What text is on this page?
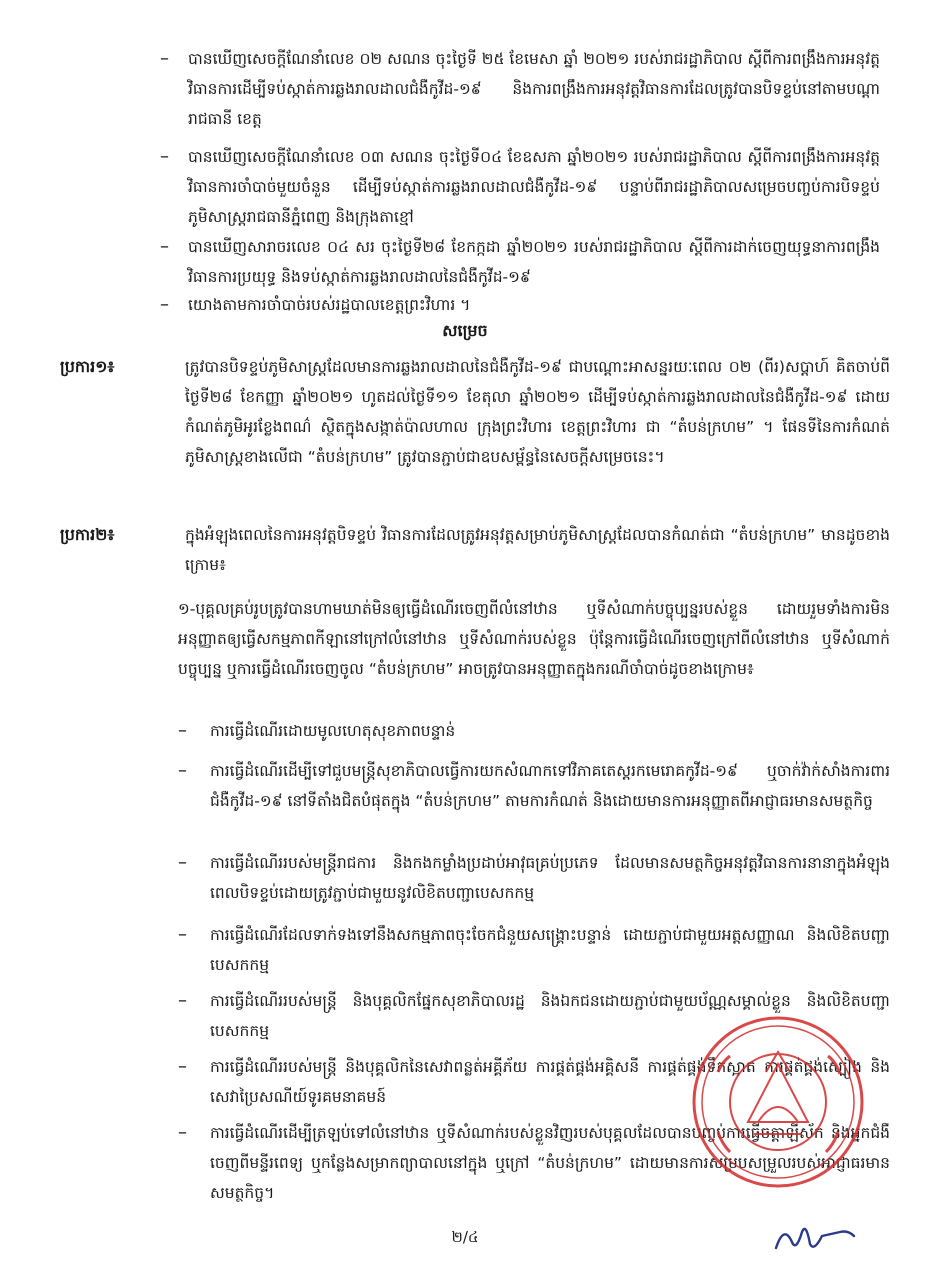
– បានឃើញសេចក្តីណែនាំលេខ ០២ សណន ចុះថ្ងៃទី ២៥ ខែមេសា ឆ្នាំ ២០២១ របស់រាជរដ្ឋាភិបាល ស្តីពីការពង្រឹងការអនុវត្តវិធានការដើម្បីទប់ស្កាត់ការឆ្លងរាលដាលជំងឺកូវីដ-១៩ និងការពង្រឹងការអនុវត្តវិធានការដែលត្រូវបានបិទខ្ទប់នៅតាមបណ្តារាជធានី ខេត្ត
– បានឃើញសេចក្តីណែនាំលេខ ០៣ សណន ចុះថ្ងៃទី០៤ ខែឧសភា ឆ្នាំ២០២១ របស់រាជរដ្ឋាភិបាល ស្តីពីការពង្រឹងការអនុវត្តវិធានការចាំបាច់មួយចំនួន ដើម្បីទប់ស្កាត់ការឆ្លងរាលដាលជំងឺកូវីដ-១៩ បន្ទាប់ពីរាជរដ្ឋាភិបាលសម្រេចបញ្ចប់ការបិទខ្ទប់ភូមិសាស្ត្ររាជធានីភ្នំពេញ និងក្រុងតាខ្មៅ
– បានឃើញសារាចរលេខ ០៤ សរ ចុះថ្ងៃទី២៨ ខែកក្កដា ឆ្នាំ២០២១ របស់រាជរដ្ឋាភិបាល ស្តីពីការដាក់ចេញយុទ្ធនាការពង្រឹងវិធានការប្រយុទ្ធ និងទប់ស្កាត់ការឆ្លងរាលដាលនៃជំងឺកូវីដ-១៩
– យោងតាមការចាំបាច់របស់រដ្ឋបាលខេត្តព្រះវិហារ ។
សម្រេច
ប្រការ១៖	ត្រូវបានបិទខ្ទប់ភូមិសាស្ត្រដែលមានការឆ្លងរាលដាលនៃជំងឺកូវីដ-១៩ ជាបណ្តោះអាសន្នរយៈពេល ០២ (ពីរ)សប្តាហ៍ គិតចាប់ពីថ្ងៃទី២៨ ខែកញ្ញា ឆ្នាំ២០២១ ហូតដល់ថ្ងៃទី១១ ខែតុលា ឆ្នាំ២០២១ ដើម្បីទប់ស្កាត់ការឆ្លងរាលដាលនៃជំងឺកូវីដ-១៩ ដោយកំណត់ភូមិអូរខ្លែងពណ៌ ស្ថិតក្នុងសង្កាត់ប៉ាលហាល ក្រុងព្រះវិហារ ខេត្តព្រះវិហារ ជា “តំបន់ក្រហម” ។ ផែនទីនៃការកំណត់ភូមិសាស្ត្រខាងលើជា “តំបន់ក្រហម” ត្រូវបានភ្ជាប់ជាឧបសម្ព័ន្ធនៃសេចក្តីសម្រេចនេះ។
ប្រការ២៖	ក្នុងអំឡុងពេលនៃការអនុវត្តបិទខ្ទប់ វិធានការដែលត្រូវអនុវត្តសម្រាប់ភូមិសាស្ត្រដែលបានកំណត់ជា “តំបន់ក្រហម” មានដូចខាងក្រោម៖
១-បុគ្គលគ្រប់រូបត្រូវបានហាមឃាត់មិនឲ្យធ្វើដំណើរចេញពីលំនៅឋាន ឬទីសំណាក់បច្ចុប្បន្នរបស់ខ្លួន ដោយរួមទាំងការមិនអនុញ្ញាតឲ្យធ្វើសកម្មភាពកីឡានៅក្រៅលំនៅឋាន ឬទីសំណាក់របស់ខ្លួន ប៉ុន្តែការធ្វើដំណើរចេញក្រៅពីលំនៅឋាន ឬទីសំណាក់បច្ចុប្បន្ន ឬការធ្វើដំណើរចេញចូល “តំបន់ក្រហម” អាចត្រូវបានអនុញ្ញាតក្នុងករណីចាំបាច់ដូចខាងក្រោម៖
– ការធ្វើដំណើរដោយមូលហេតុសុខភាពបន្ទាន់
– ការធ្វើដំណើរដើម្បីទៅជួបមន្ត្រីសុខាភិបាលធ្វើការយកសំណាកទៅវិភាគតេស្តរកមេរោគកូវីដ-១៩ ឬចាក់វ៉ាក់សាំងការពារជំងឺកូវីដ-១៩ នៅទីតាំងជិតបំផុតក្នុង “តំបន់ក្រហម” តាមការកំណត់ និងដោយមានការអនុញ្ញាតពីអាជ្ញាធរមានសមត្ថកិច្ច
– ការធ្វើដំណើររបស់មន្ត្រីរាជការ និងកងកម្លាំងប្រដាប់អាវុធគ្រប់ប្រភេទ ដែលមានសមត្ថកិច្ចអនុវត្តវិធានការនានាក្នុងអំឡុងពេលបិទខ្ទប់ដោយត្រូវភ្ជាប់ជាមួយនូវលិខិតបញ្ជាបេសកកម្ម
– ការធ្វើដំណើរដែលទាក់ទងទៅនឹងសកម្មភាពចុះចែកជំនួយសង្គ្រោះបន្ទាន់ ដោយភ្ជាប់ជាមួយអត្តសញ្ញាណ និងលិខិតបញ្ជាបេសកកម្ម
– ការធ្វើដំណើររបស់មន្ត្រី និងបុគ្គលិកផ្នែកសុខាភិបាលរដ្ឋ និងឯកជនដោយភ្ជាប់ជាមួយប័ណ្ណសម្គាល់ខ្លួន និងលិខិតបញ្ជាបេសកកម្ម
– ការធ្វើដំណើររបស់មន្ត្រី និងបុគ្គលិកនៃសេវាពន្លត់អគ្គីភ័យ ការផ្គត់ផ្គង់អគ្គិសនី ការផ្គត់ផ្គង់ទឹកស្អាត ការផ្គត់ផ្គង់ស្បៀង និងសេវាប្រៃសណីយ៍ទូរគមនាគមន៍
– ការធ្វើដំណើរដើម្បីត្រឡប់ទៅលំនៅឋាន ឬទីសំណាក់របស់ខ្លួនវិញរបស់បុគ្គលដែលបានបញ្ចប់ការធ្វើចត្តាឡីស័ក និងអ្នកជំងឺចេញពីមន្ទីរពេទ្យ ឬកន្លែងសម្រាកព្យាបាលនៅក្នុង ឬក្រៅ “តំបន់ក្រហម” ដោយមានការសម្របសម្រួលរបស់អាជ្ញាធរមានសមត្ថកិច្ច។
២/៤
